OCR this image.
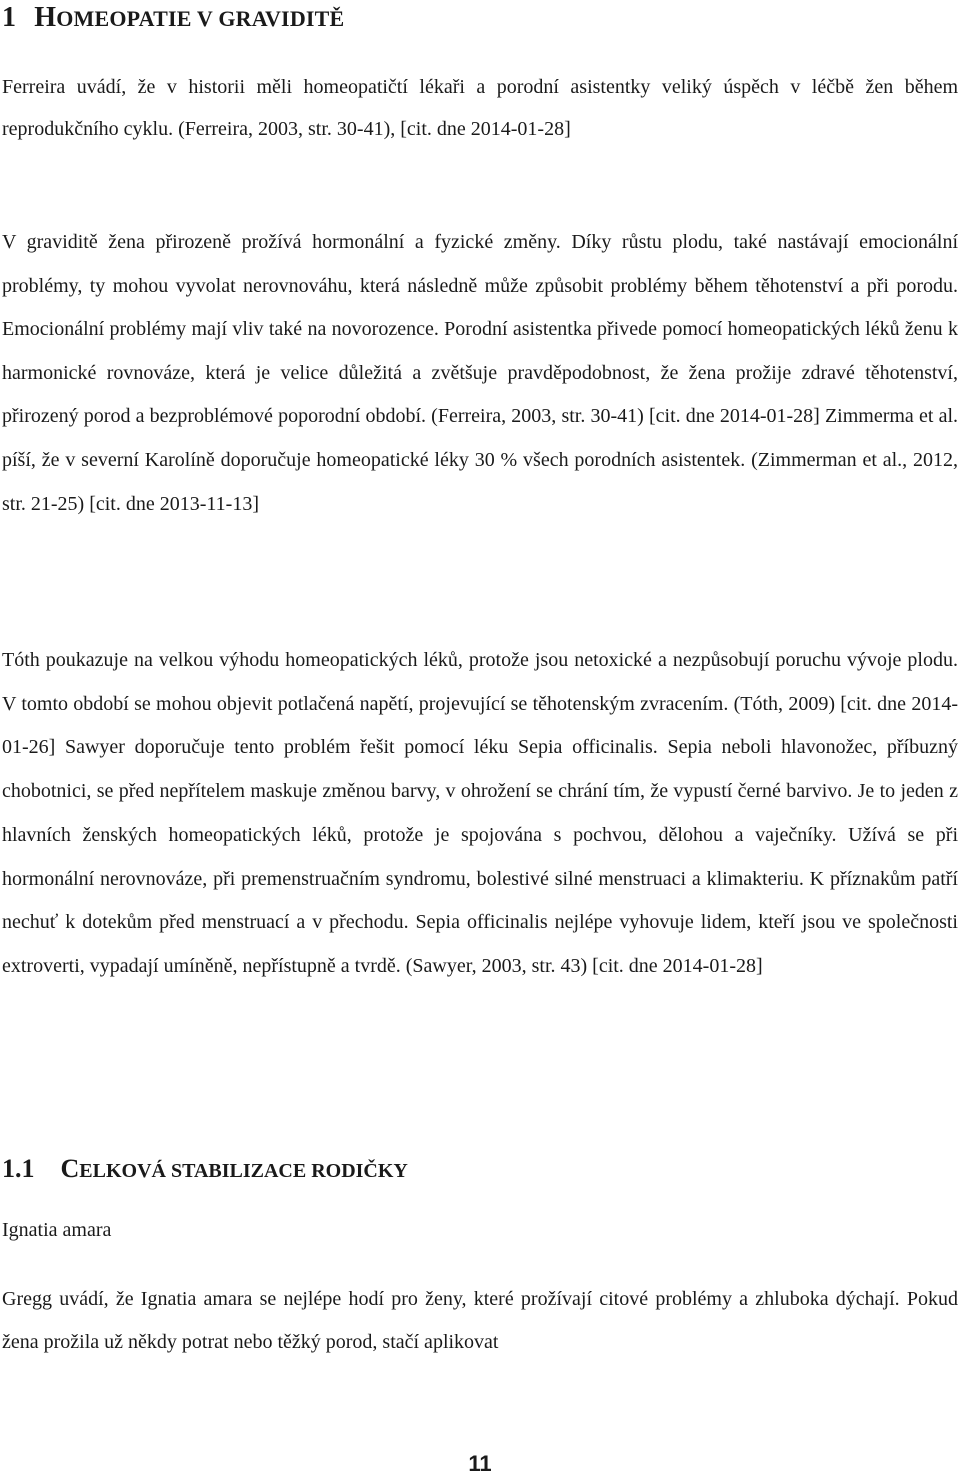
1 HOMEOPATIE V GRAVIDITĚ

Ferreira uvádí, že v historii měli homeopatičtí lékaři a porodní asistentky veliký úspěch v léčbě žen během reprodukčního cyklu. (Ferreira, 2003, str. 30-41), [cit. dne 2014-01-28]

V graviditě žena přirozeně prožívá hormonální a fyzické změny. Díky růstu plodu, také nastávají emocionální problémy, ty mohou vyvolat nerovnováhu, která následně může způsobit problémy během těhotenství a při porodu. Emocionální problémy mají vliv také na novorozence. Porodní asistentka přivede pomocí homeopatických léků ženu k harmonické rovnováze, která je velice důležitá a zvětšuje pravděpodobnost, že žena prožije zdravé těhotenství, přirozený porod a bezproblémové poporodní období. (Ferreira, 2003, str. 30-41) [cit. dne 2014-01-28] Zimmerma et al. píší, že v severní Karolíně doporučuje homeopatické léky 30 % všech porodních asistentek. (Zimmerman et al., 2012, str. 21-25) [cit. dne 2013-11-13]

Tóth poukazuje na velkou výhodu homeopatických léků, protože jsou netoxické a nezpůsobují poruchu vývoje plodu. V tomto období se mohou objevit potlačená napětí, projevující se těhotenským zvracením. (Tóth, 2009) [cit. dne 2014-01-26] Sawyer doporučuje tento problém řešit pomocí léku Sepia officinalis. Sepia neboli hlavonožec, příbuzný chobotnici, se před nepřítelem maskuje změnou barvy, v ohrožení se chrání tím, že vypustí černé barvivo. Je to jeden z hlavních ženských homeopatických léků, protože je spojována s pochvou, dělohou a vaječníky. Užívá se při hormonální nerovnováze, při premenstruačním syndromu, bolestivé silné menstruaci a klimakteriu. K příznakům patří nechuť k dotekům před menstruací a v přechodu. Sepia officinalis nejlépe vyhovuje lidem, kteří jsou ve společnosti extroverti, vypadají umíněně, nepřístupně a tvrdě. (Sawyer, 2003, str. 43) [cit. dne 2014-01-28]

1.1 CELKOVÁ STABILIZACE RODIČKY

Ignatia amara

Gregg uvádí, že Ignatia amara se nejlépe hodí pro ženy, které prožívají citové problémy a zhluboka dýchají. Pokud žena prožila už někdy potrat nebo těžký porod, stačí aplikovat

11
